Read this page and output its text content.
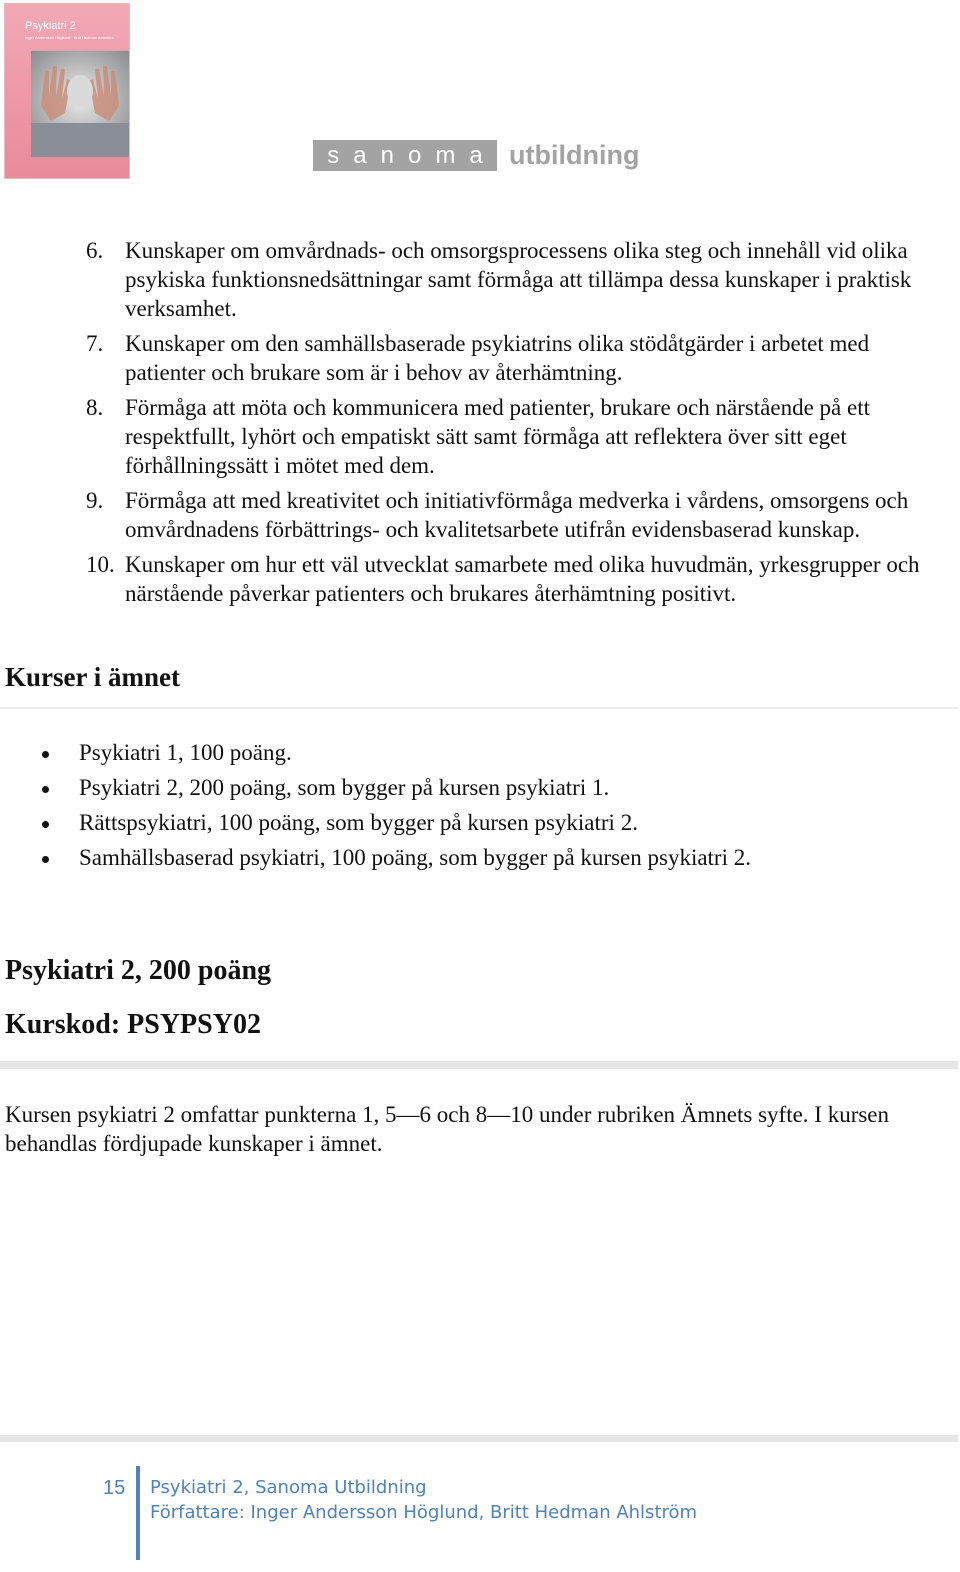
Psykiatri 2
Inger Andersson Höglund · Britt Hedman Ahlström
sanoma utbildning
6. Kunskaper om omvårdnads- och omsorgsprocessens olika steg och innehåll vid olika psykiska funktionsnedsättningar samt förmåga att tillämpa dessa kunskaper i praktisk verksamhet.
7. Kunskaper om den samhällsbaserade psykiatrins olika stödåtgärder i arbetet med patienter och brukare som är i behov av återhämtning.
8. Förmåga att möta och kommunicera med patienter, brukare och närstående på ett respektfullt, lyhört och empatiskt sätt samt förmåga att reflektera över sitt eget förhållningssätt i mötet med dem.
9. Förmåga att med kreativitet och initiativförmåga medverka i vårdens, omsorgens och omvårdnadens förbättrings- och kvalitetsarbete utifrån evidensbaserad kunskap.
10. Kunskaper om hur ett väl utvecklat samarbete med olika huvudmän, yrkesgrupper och närstående påverkar patienters och brukares återhämtning positivt.
Kurser i ämnet
Psykiatri 1, 100 poäng.
Psykiatri 2, 200 poäng, som bygger på kursen psykiatri 1.
Rättspsykiatri, 100 poäng, som bygger på kursen psykiatri 2.
Samhällsbaserad psykiatri, 100 poäng, som bygger på kursen psykiatri 2.
Psykiatri 2, 200 poäng
Kurskod: PSYPSY02

Kursen psykiatri 2 omfattar punkterna 1, 5—6 och 8—10 under rubriken Ämnets syfte. I kursen behandlas fördjupade kunskaper i ämnet.

15 Psykiatri 2, Sanoma Utbildning
Författare: Inger Andersson Höglund, Britt Hedman Ahlström
